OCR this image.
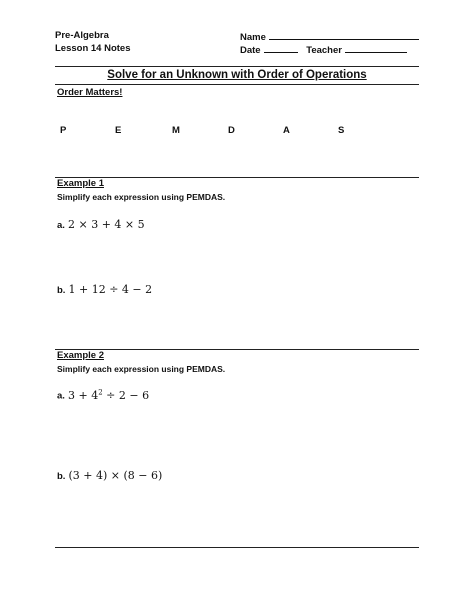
Pre-Algebra
Lesson 14 Notes
Name
Date	Teacher
Solve for an Unknown with Order of Operations
Order Matters!
P	E	M	D	A	S
Example 1
Simplify each expression using PEMDAS.
a. 2 × 3 + 4 × 5
b. 1 + 12 ÷ 4 − 2
Example 2
Simplify each expression using PEMDAS.
a. $3 + 4^2 \div 2 - 6$
b. (3 + 4) × (8 − 6)
